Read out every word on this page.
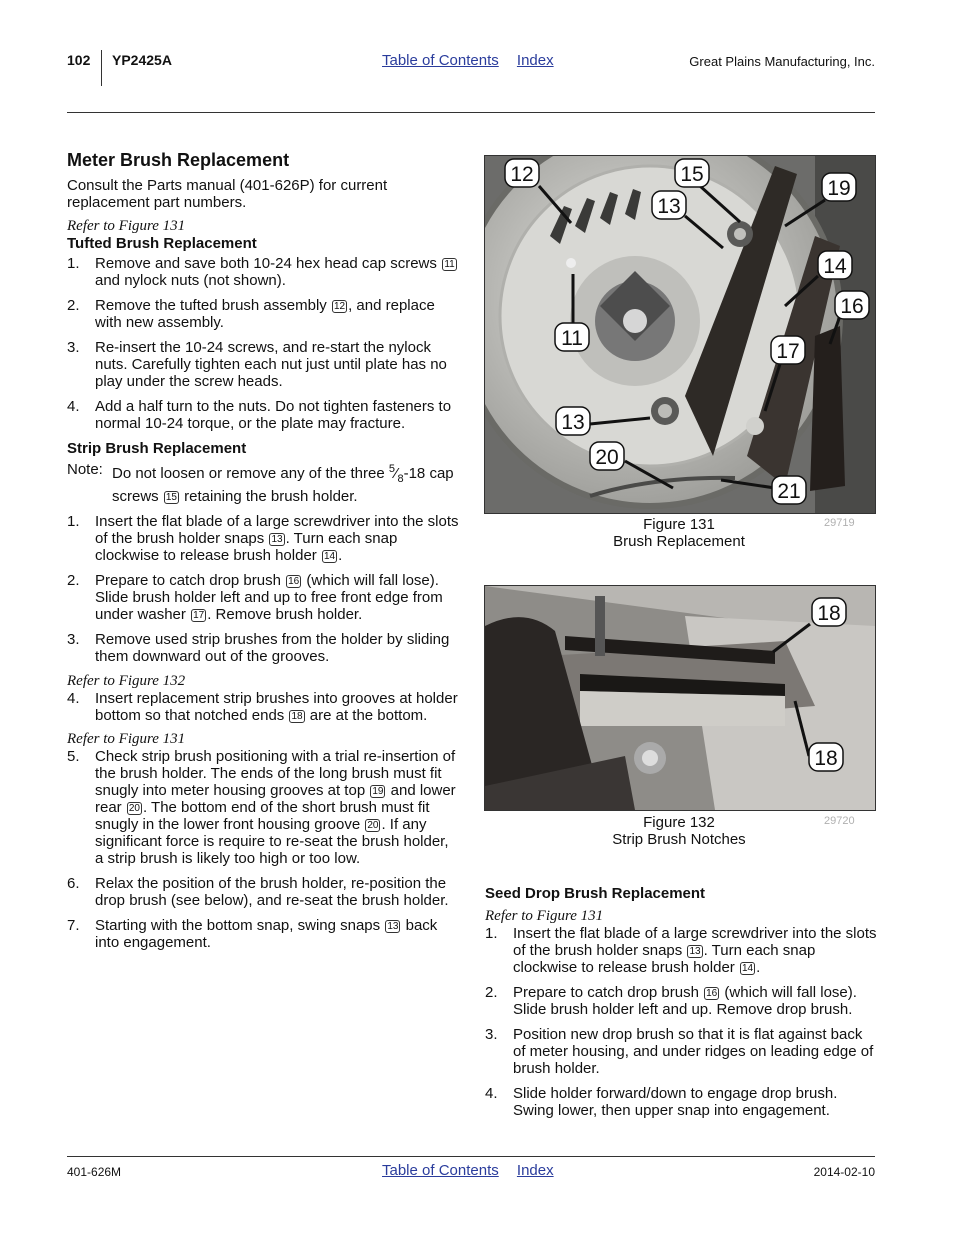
102 YP2425A	Table of Contents Index	Great Plains Manufacturing, Inc.
Meter Brush Replacement

Consult the Parts manual (401-626P) for current replacement part numbers.

Refer to Figure 131
Tufted Brush Replacement
1. Remove and save both 10-24 hex head cap screws 11 and nylock nuts (not shown).
2. Remove the tufted brush assembly 12 , and replace with new assembly.
3. Re-insert the 10-24 screws, and re-start the nylock nuts. Carefully tighten each nut just until plate has no play under the screw heads.
4. Add a half turn to the nuts. Do not tighten fasteners to normal 10-24 torque, or the plate may fracture.
Strip Brush Replacement
Note: Do not loosen or remove any of the three $^5⁄_8-18$ cap screws 15 retaining the brush holder.
1. Insert the flat blade of a large screwdriver into the slots of the brush holder snaps 13 . Turn each snap clockwise to release brush holder 14 .
2. Prepare to catch drop brush 16 (which will fall lose). Slide brush holder left and up to free front edge from under washer 17 . Remove brush holder.
3. Remove used strip brushes from the holder by sliding them downward out of the grooves.
Refer to Figure 132
4. Insert replacement strip brushes into grooves at holder bottom so that notched ends 18 are at the bottom.
Refer to Figure 131
5. Check strip brush positioning with a trial re-insertion of the brush holder. The ends of the long brush must fit snugly into meter housing grooves at top 19 and lower rear 20 . The bottom end of the short brush must fit snugly in the lower front housing groove 20 . If any significant force is require to re-seat the brush holder, a strip brush is likely too high or too low.
6. Relax the position of the brush holder, re-position the drop brush (see below), and re-seat the brush holder.
7. Starting with the bottom snap, swing snaps 13 back into engagement.
12	15
19
13
14
16
11
17
13
20
21
Figure 131
Brush Replacement
29719
18
18
Figure 132
Strip Brush Notches
29720
Seed Drop Brush Replacement
Refer to Figure 131
1. Insert the flat blade of a large screwdriver into the slots of the brush holder snaps 13 . Turn each snap clockwise to release brush holder 14 .
2. Prepare to catch drop brush 16 (which will fall lose). Slide brush holder left and up. Remove drop brush.
3. Position new drop brush so that it is flat against back of meter housing, and under ridges on leading edge of brush holder.
4. Slide holder forward/down to engage drop brush. Swing lower, then upper snap into engagement.
401-626M	Table of Contents Index	2014-02-10
